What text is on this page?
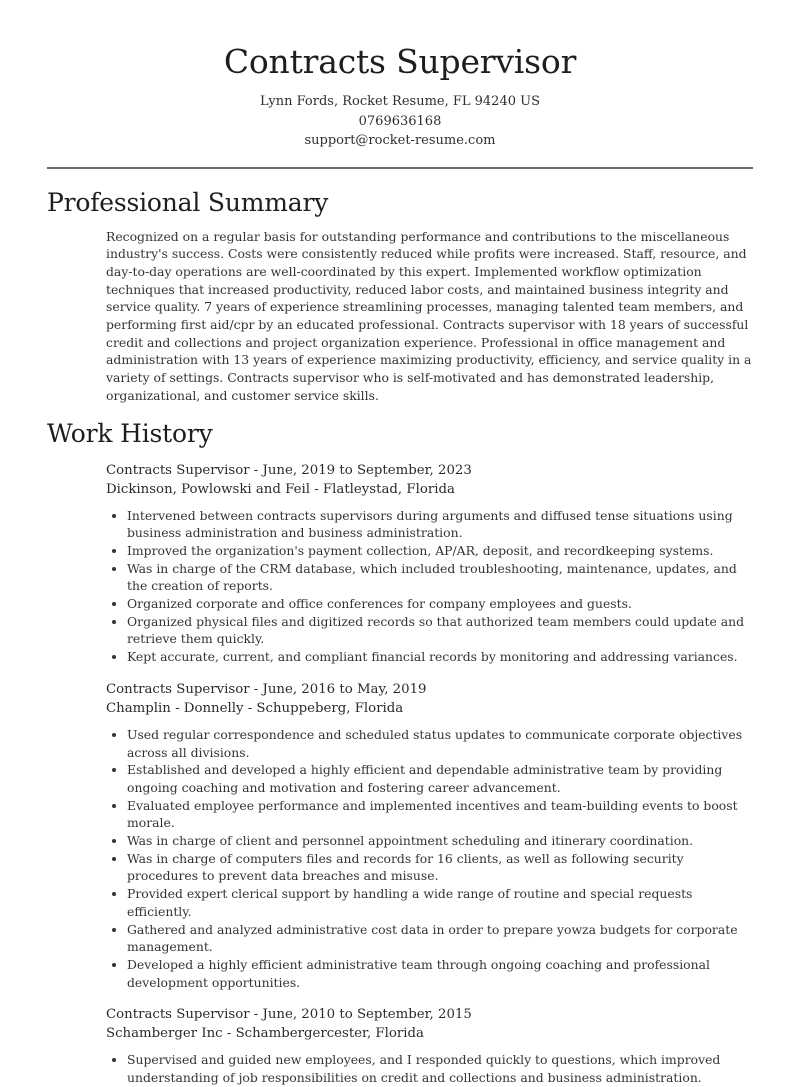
Contracts Supervisor
Lynn Fords, Rocket Resume, FL 94240 US
0769636168
support@rocket-resume.com
Professional Summary

Recognized on a regular basis for outstanding performance and contributions to the miscellaneous industry's success. Costs were consistently reduced while profits were increased. Staff, resource, and day-to-day operations are well-coordinated by this expert. Implemented workflow optimization techniques that increased productivity, reduced labor costs, and maintained business integrity and service quality. 7 years of experience streamlining processes, managing talented team members, and performing first aid/cpr by an educated professional. Contracts supervisor with 18 years of successful credit and collections and project organization experience. Professional in office management and administration with 13 years of experience maximizing productivity, efficiency, and service quality in a variety of settings. Contracts supervisor who is self-motivated and has demonstrated leadership, organizational, and customer service skills.

Work History
Contracts Supervisor - June, 2019 to September, 2023
Dickinson, Powlowski and Feil - Flatleystad, Florida
• Intervened between contracts supervisors during arguments and diffused tense situations using business administration and business administration.
• Improved the organization's payment collection, AP/AR, deposit, and recordkeeping systems.
• Was in charge of the CRM database, which included troubleshooting, maintenance, updates, and the creation of reports.
• Organized corporate and office conferences for company employees and guests.
• Organized physical files and digitized records so that authorized team members could update and retrieve them quickly.
• Kept accurate, current, and compliant financial records by monitoring and addressing variances.
Contracts Supervisor - June, 2016 to May, 2019
Champlin - Donnelly - Schuppeberg, Florida
• Used regular correspondence and scheduled status updates to communicate corporate objectives across all divisions.
• Established and developed a highly efficient and dependable administrative team by providing ongoing coaching and motivation and fostering career advancement.
• Evaluated employee performance and implemented incentives and team-building events to boost morale.
• Was in charge of client and personnel appointment scheduling and itinerary coordination.
• Was in charge of computers files and records for 16 clients, as well as following security procedures to prevent data breaches and misuse.
• Provided expert clerical support by handling a wide range of routine and special requests efficiently.
• Gathered and analyzed administrative cost data in order to prepare yowza budgets for corporate management.
• Developed a highly efficient administrative team through ongoing coaching and professional development opportunities.
Contracts Supervisor - June, 2010 to September, 2015
Schamberger Inc - Schambergercester, Florida
• Supervised and guided new employees, and I responded quickly to questions, which improved understanding of job responsibilities on credit and collections and business administration.
